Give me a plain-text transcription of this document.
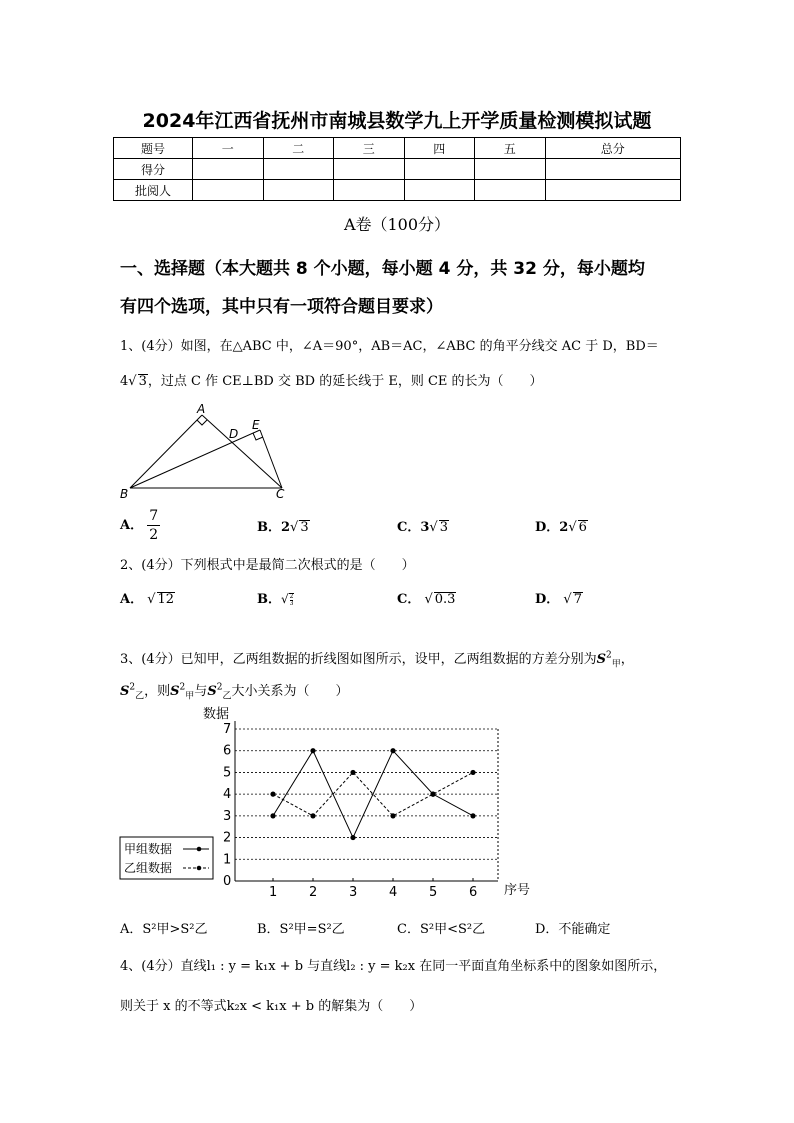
2024年江西省抚州市南城县数学九上开学质量检测模拟试题
题号	一	二	三	四	五	总分
得分						
批阅人						
A卷（100分）
一、选择题（本大题共 8 个小题，每小题 4 分，共 32 分，每小题均
有四个选项，其中只有一项符合题目要求）
1、(4分）如图，在△ABC 中，∠A＝90°，AB＝AC，∠ABC 的角平分线交 AC 于 D，BD＝
4√ 3，过点 C 作 CE⊥BD 交 BD 的延长线于 E，则 CE 的长为（　　）
A
B	C
D
E
A． $\frac{7}{2}$	B．2√ 3	C．3√ 3	D．2√ 6
2、(4分）下列根式中是最简二次根式的是（　　）
A． √ 12	B． √ $\frac{2}{3}$	C． √ 0.3	D． √ 7
3、(4分）已知甲，乙两组数据的折线图如图所示，设甲，乙两组数据的方差分别为$S^2_甲$，
$S^2_乙$，则$S^2_甲$与$S^2_乙$大小关系为（　　）
数据
序号
0
1
2
3
4
5
6
7
1 2 3 4 5 6
甲组数据
乙组数据
A．S²甲>S²乙	B．S²甲=S²乙	C．S²甲<S²乙	D．不能确定
4、(4分）直线l₁ : y = k₁x + b 与直线l₂ : y = k₂x 在同一平面直角坐标系中的图象如图所示，
则关于 x 的不等式k₂x < k₁x + b 的解集为（　　）
